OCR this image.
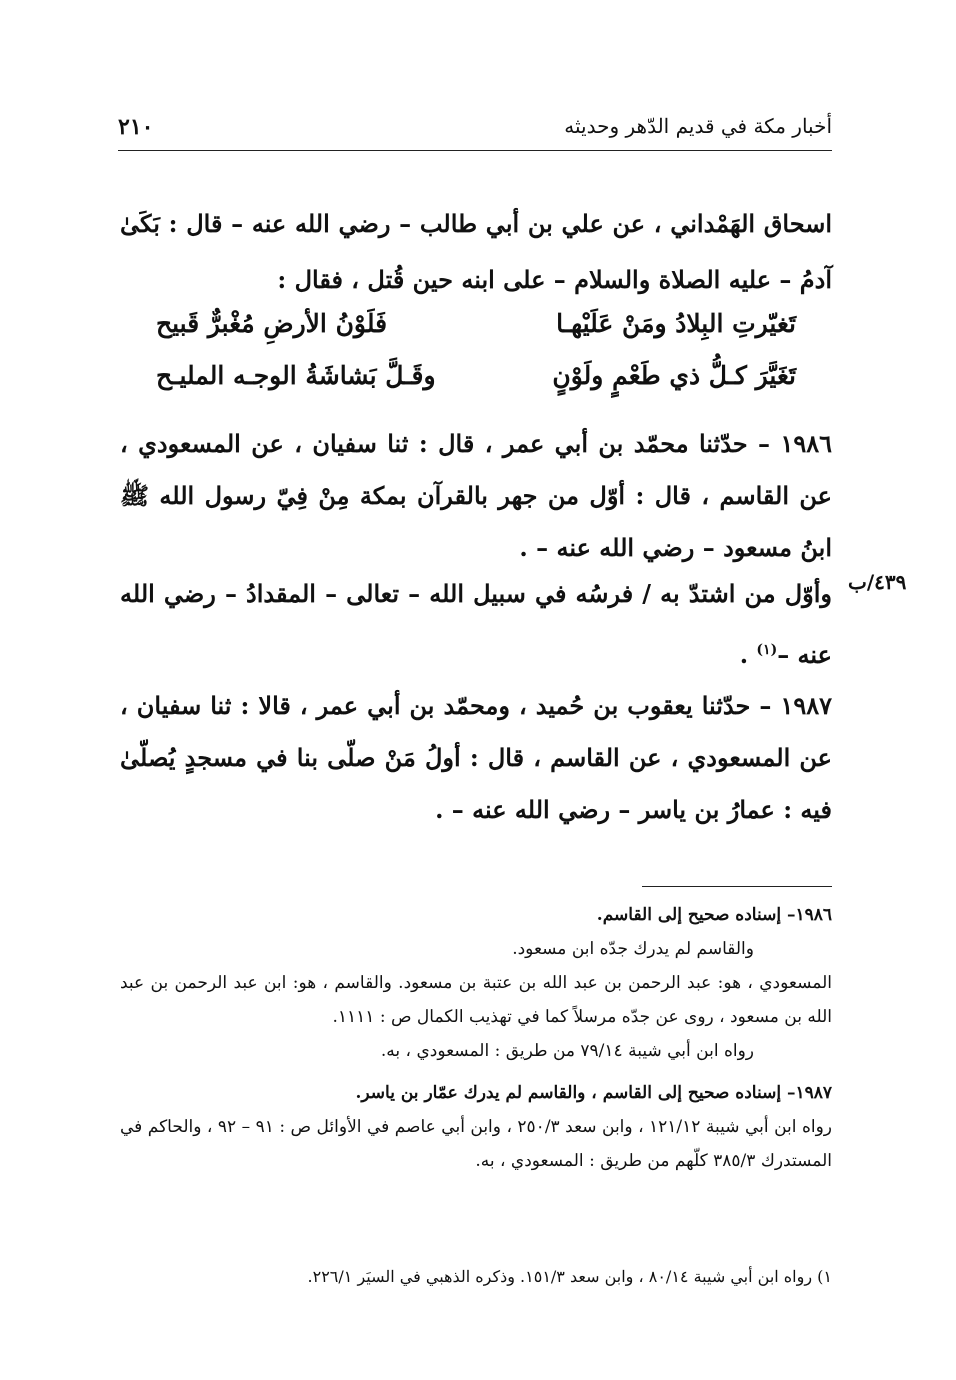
أخبار مكة في قديم الدّهر وحديثه
٢١٠
اسحاق الهَمْداني ، عن علي بن أبي طالب – رضي الله عنه – قال : بَكَىٰ آدمُ – عليه الصلاة والسلام – على ابنه حين قُتل ، فقال :
تَغيّرتِ البِلادُ ومَنْ عَلَيْهـا
فَلَوْنُ الأرضِ مُغْبرٌّ قَبيح
تَغَيَّرَ كـلُّ ذي طَعْمٍ ولَوْنٍ
وقَـلَّ بَشاشَةُ الوجـه المليـح
١٩٨٦ – حدّثنا محمّد بن أبي عمر ، قال : ثنا سفيان ، عن المسعودي ، عن القاسم ، قال : أوّل من جهر بالقرآن بمكة مِنْ فِيّ رسول الله ﷺ ابنُ مسعود – رضي الله عنه – .
٤٣٩/ب
وأوّل من اشتدّ به / فرسُه في سبيل الله – تعالى – المقدادُ – رضي الله عنه –$^{(١)}$ .
١٩٨٧ – حدّثنا يعقوب بن حُميد ، ومحمّد بن أبي عمر ، قالا : ثنا سفيان ، عن المسعودي ، عن القاسم ، قال : أولُ مَنْ صلّى بنا في مسجدٍ يُصلّىٰ فيه : عمارُ بن ياسر – رضي الله عنه – .
١٩٨٦– إسناده صحيح إلى القاسم.
والقاسم لم يدرك جدّه ابن مسعود.
المسعودي ، هو: عبد الرحمن بن عبد الله بن عتبة بن مسعود. والقاسم ، هو: ابن عبد الرحمن بن عبد الله بن مسعود ، روى عن جدّه مرسلاً كما في تهذيب الكمال ص : ١١١١.
رواه ابن أبي شيبة ٧٩/١٤ من طريق : المسعودي ، به.
١٩٨٧– إسناده صحيح إلى القاسم ، والقاسم لم يدرك عمّار بن ياسر.
رواه ابن أبي شيبة ١٢١/١٢ ، وابن سعد ٢٥٠/٣ ، وابن أبي عاصم في الأوائل ص : ٩١ – ٩٢ ، والحاكم في المستدرك ٣٨٥/٣ كلّهم من طريق : المسعودي ، به.
١) رواه ابن أبي شيبة ٨٠/١٤ ، وابن سعد ١٥١/٣. وذكره الذهبي في السيَر ٢٢٦/١.
